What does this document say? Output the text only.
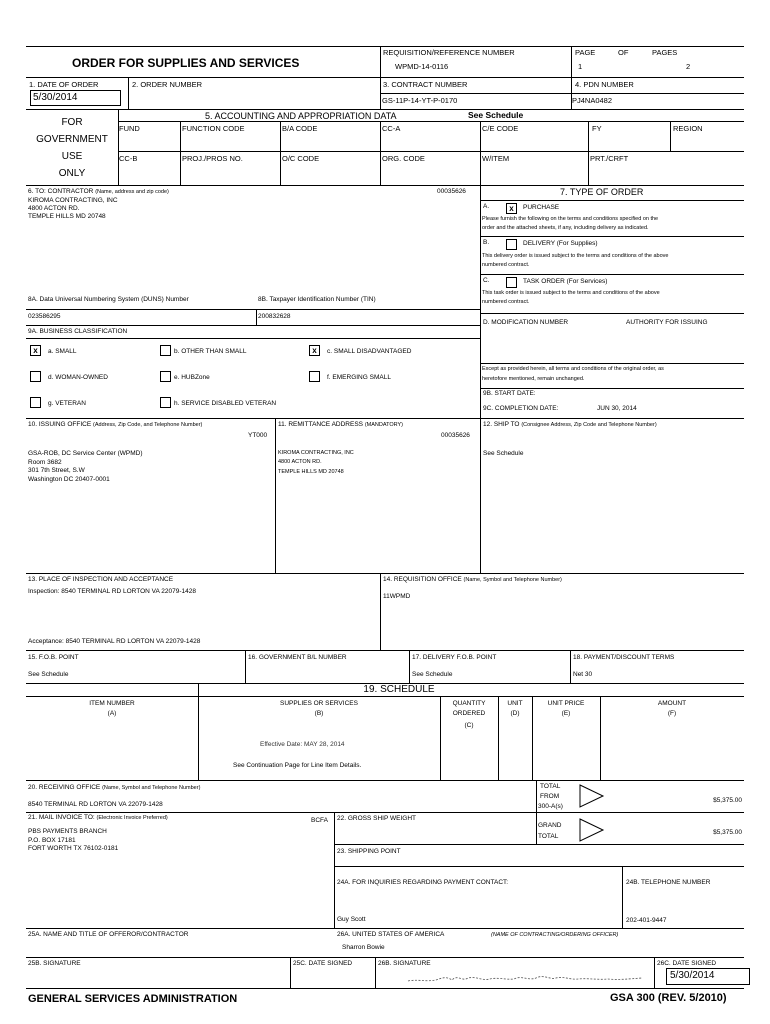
ORDER FOR SUPPLIES AND SERVICES
REQUISITION/REFERENCE NUMBER
WPMD-14-0116
PAGE	OF	PAGES
1	2
1. DATE OF ORDER
5/30/2014
2. ORDER NUMBER	3. CONTRACT NUMBER
GS-11P-14-YT-P-0170
4. PDN NUMBER
PJ4NA0482
FOR
GOVERNMENT
USE
ONLY
5. ACCOUNTING AND APPROPRIATION DATA	See Schedule
FUND	FUNCTION CODE	B/A CODE	CC-A	C/E CODE	FY	REGION
CC-B	PROJ./PROS NO.	O/C CODE	ORG. CODE	W/ITEM	PRT./CRFT
6. TO: CONTRACTOR (Name, address and zip code)	00035626
KIROMA CONTRACTING, INC
4800 ACTON RD.
TEMPLE HILLS MD 20748
8A. Data Universal Numbering System (DUNS) Number
023586295
8B. Taxpayer Identification Number (TIN)
200832628
9A. BUSINESS CLASSIFICATION
x	a. SMALL	b. OTHER THAN SMALL	x	c. SMALL DISADVANTAGED
d. WOMAN-OWNED	e. HUBZone	f. EMERGING SMALL
g. VETERAN	h. SERVICE DISABLED VETERAN
7. TYPE OF ORDER
A.	x	PURCHASE
Please furnish the following on the terms and conditions specified on the
order and the attached sheets, if any, including delivery as indicated.
B.	DELIVERY (For Supplies)
This delivery order is issued subject to the terms and conditions of the above
numbered contract.
C.	TASK ORDER (For Services)
This task order is issued subject to the terms and conditions of the above
numbered contract.
D. MODIFICATION NUMBER	AUTHORITY FOR ISSUING
Except as provided herein, all terms and conditions of the original order, as
heretofore mentioned, remain unchanged.
9B. START DATE:
9C. COMPLETION DATE:	JUN 30, 2014
10. ISSUING OFFICE (Address, Zip Code, and Telephone Number)
YT000
GSA-ROB, DC Service Center (WPMD)
Room 3682
301 7th Street, S.W
Washington DC 20407-0001
11. REMITTANCE ADDRESS (MANDATORY)
00035626
KIROMA CONTRACTING, INC
4800 ACTON RD.
TEMPLE HILLS MD 20748
12. SHIP TO (Consignee Address, Zip Code and Telephone Number)
See Schedule
13. PLACE OF INSPECTION AND ACCEPTANCE
Inspection: 8540 TERMINAL RD LORTON VA 22079-1428
Acceptance: 8540 TERMINAL RD LORTON VA 22079-1428
14. REQUISITION OFFICE (Name, Symbol and Telephone Number)
11WPMD
15. F.O.B. POINT
See Schedule
16. GOVERNMENT B/L NUMBER	17. DELIVERY F.O.B. POINT
See Schedule
18. PAYMENT/DISCOUNT TERMS
Net 30
19. SCHEDULE
ITEM NUMBER
(A)
SUPPLIES OR SERVICES
(B)
QUANTITY
ORDERED
(C)
UNIT
(D)
UNIT PRICE
(E)
AMOUNT
(F)
Effective Date: MAY 28, 2014
See Continuation Page for Line Item Details.
20. RECEIVING OFFICE (Name, Symbol and Telephone Number)
8540 TERMINAL RD LORTON VA 22079-1428
TOTAL
FROM
300-A(s)
$5,375.00
21. MAIL INVOICE TO: (Electronic Invoice Preferred)	BCFA
PBS PAYMENTS BRANCH
P.O. BOX 17181
FORT WORTH TX 76102-0181
22. GROSS SHIP WEIGHT
GRAND
TOTAL
$5,375.00
23. SHIPPING POINT
24A. FOR INQUIRIES REGARDING PAYMENT CONTACT:
Guy Scott
24B. TELEPHONE NUMBER
202-401-9447
25A. NAME AND TITLE OF OFFEROR/CONTRACTOR	26A. UNITED STATES OF AMERICA	(NAME OF CONTRACTING/ORDERING OFFICER)
Sharron Bowie
25B. SIGNATURE	25C. DATE SIGNED	26B. SIGNATURE	26C. DATE SIGNED
5/30/2014
GENERAL SERVICES ADMINISTRATION	GSA 300 (REV. 5/2010)
